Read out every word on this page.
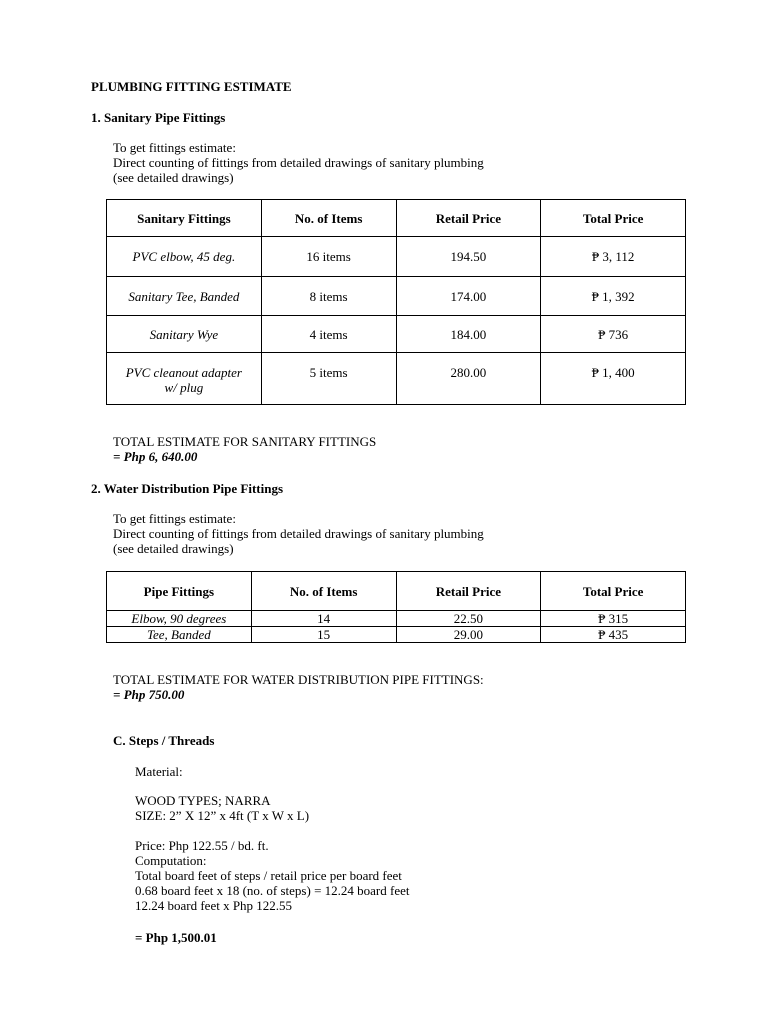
PLUMBING FITTING ESTIMATE
1. Sanitary Pipe Fittings
To get fittings estimate:
Direct counting of fittings from detailed drawings of sanitary plumbing
(see detailed drawings)
Sanitary Fittings	No. of Items	Retail Price	Total Price
PVC elbow, 45 deg.	16 items	194.50	₱ 3, 112
Sanitary Tee, Banded	8 items	174.00	₱ 1, 392
Sanitary Wye	4 items	184.00	₱ 736
PVC cleanout adapter
w/ plug	5 items	280.00	₱ 1, 400
TOTAL ESTIMATE FOR SANITARY FITTINGS
= Php 6, 640.00
2. Water Distribution Pipe Fittings
To get fittings estimate:
Direct counting of fittings from detailed drawings of sanitary plumbing
(see detailed drawings)
Pipe Fittings	No. of Items	Retail Price	Total Price
Elbow, 90 degrees	14	22.50	₱ 315
Tee, Banded	15	29.00	₱ 435
TOTAL ESTIMATE FOR WATER DISTRIBUTION PIPE FITTINGS:
= Php 750.00
C. Steps / Threads
Material:
WOOD TYPES; NARRA
SIZE: 2” X 12” x 4ft (T x W x L)
Price: Php 122.55 / bd. ft.
Computation:
Total board feet of steps / retail price per board feet
0.68 board feet x 18 (no. of steps) = 12.24 board feet
12.24 board feet x Php 122.55
= Php 1,500.01
